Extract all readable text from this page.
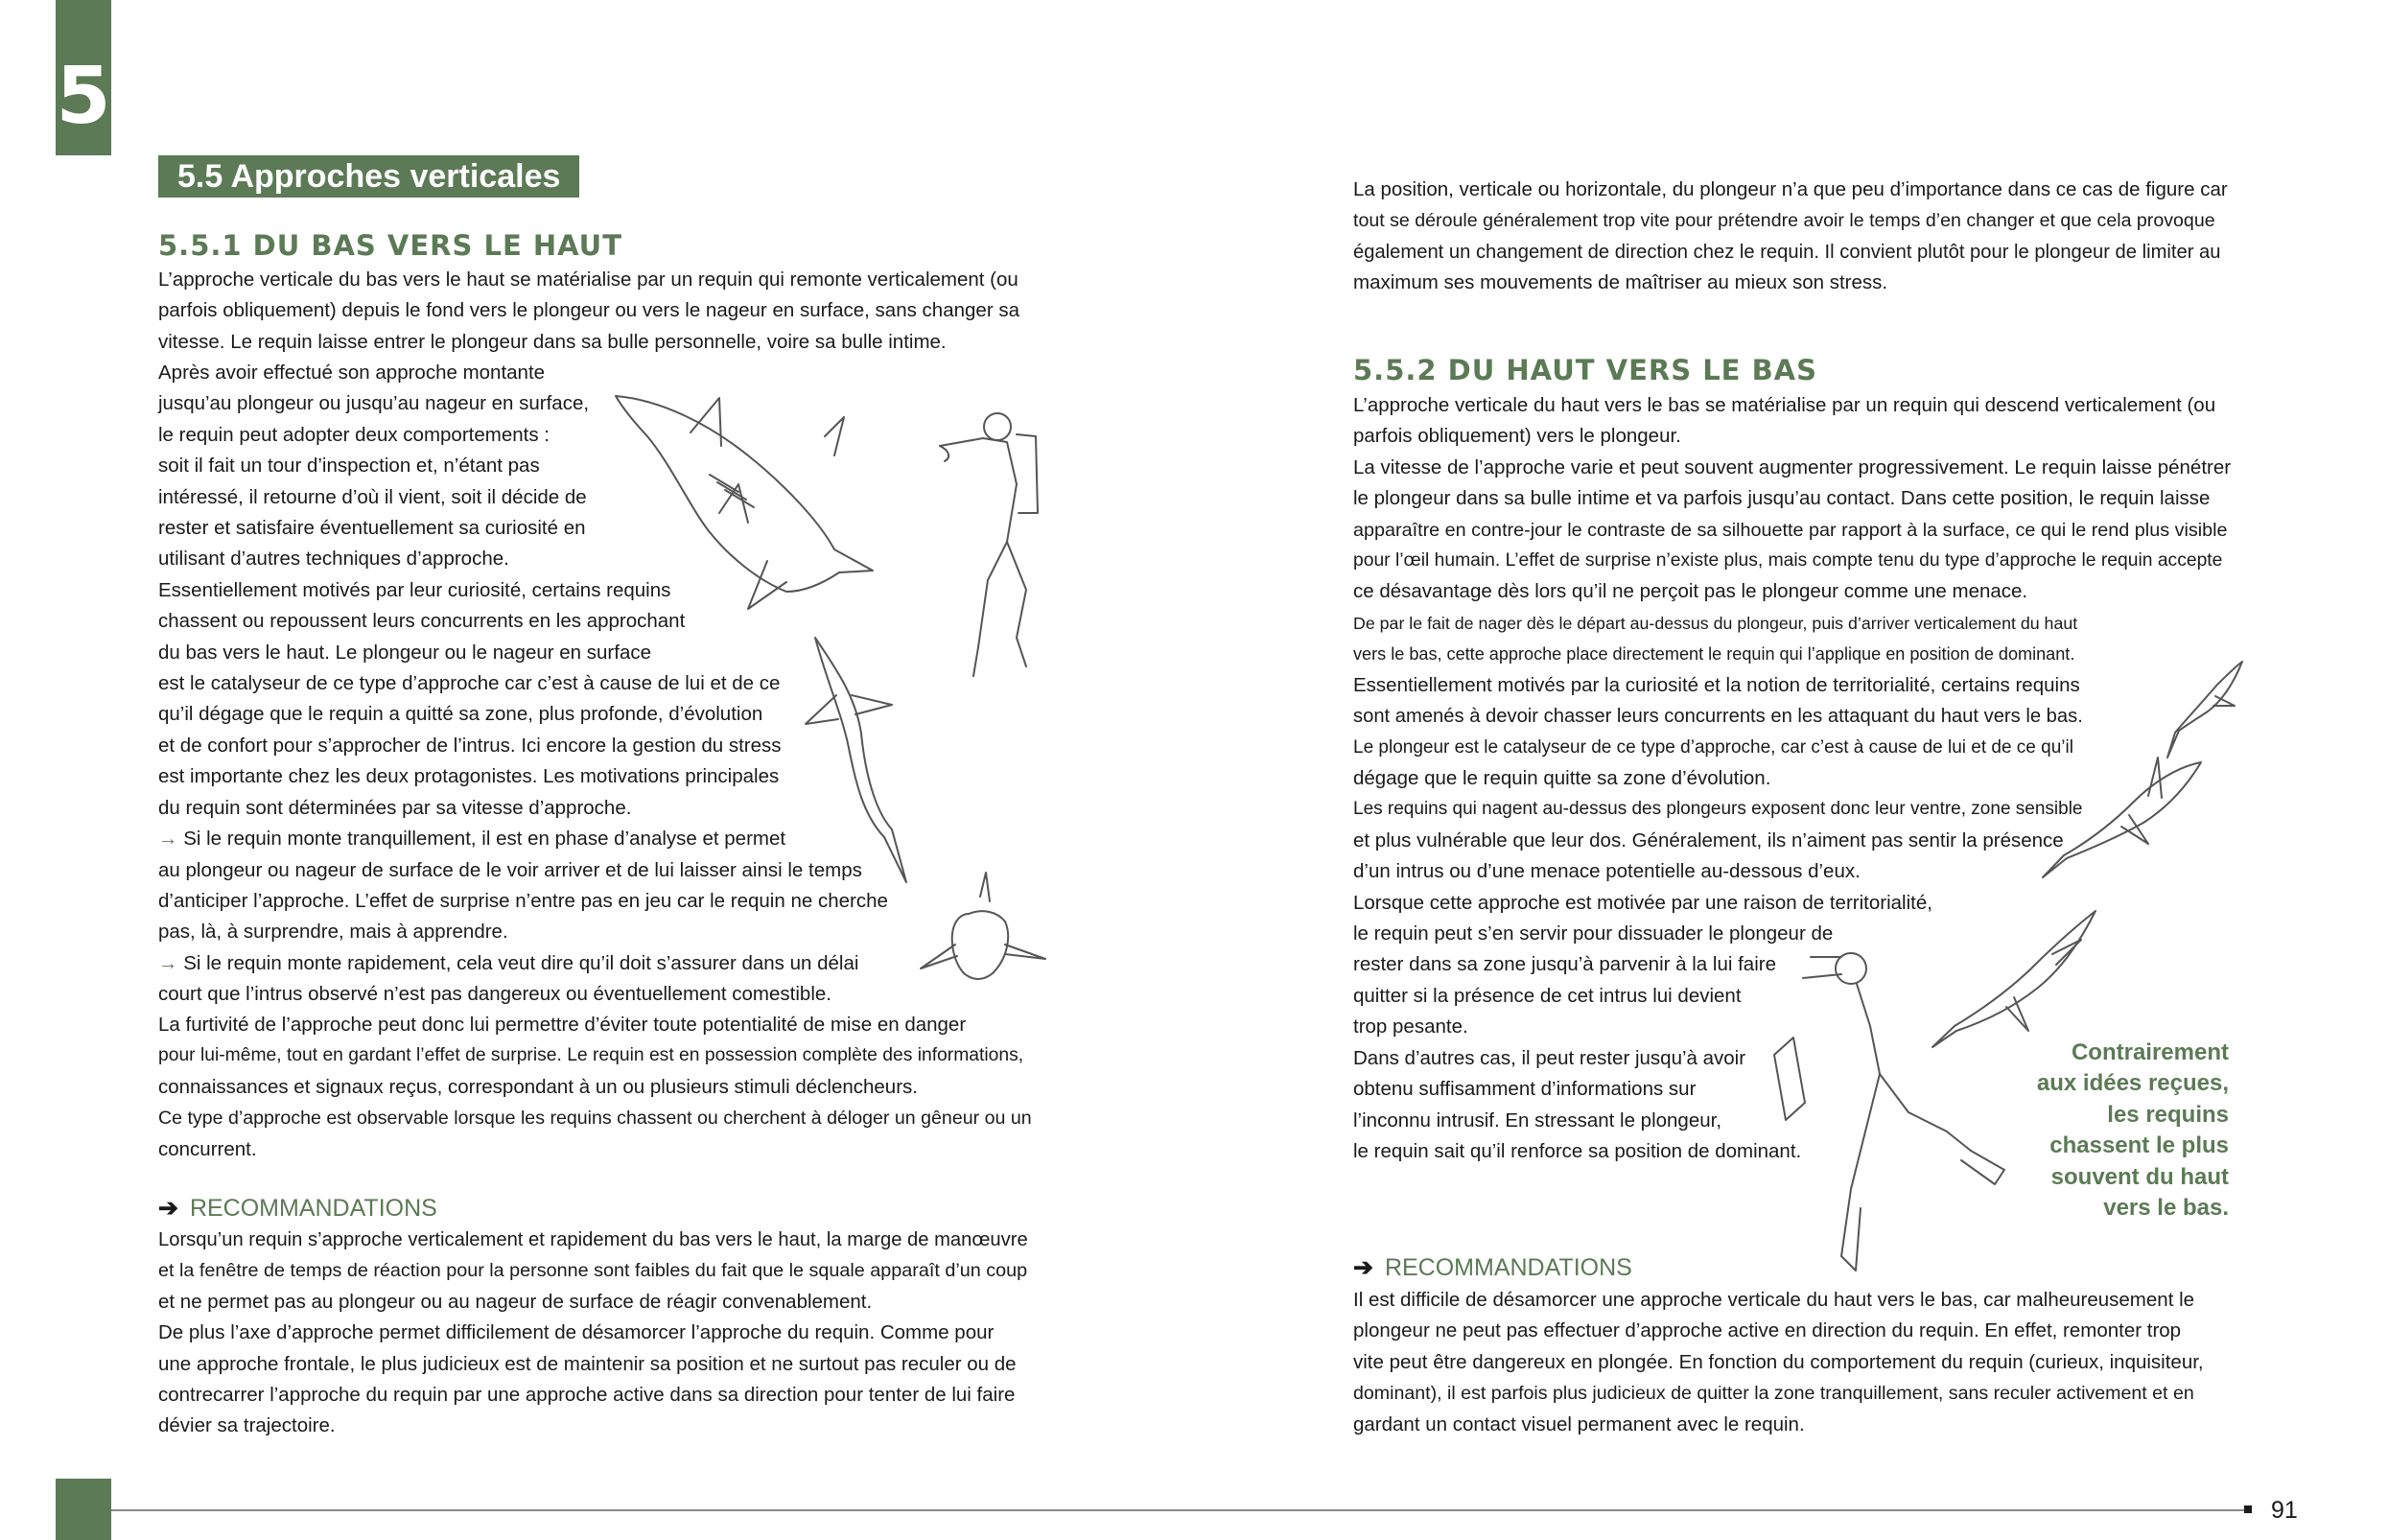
5
5.5 Approches verticales
5.5.1 DU BAS VERS LE HAUT
L’approche verticale du bas vers le haut se matérialise par un requin qui remonte verticalement (ou
parfois obliquement) depuis le fond vers le plongeur ou vers le nageur en surface, sans changer sa
vitesse. Le requin laisse entrer le plongeur dans sa bulle personnelle, voire sa bulle intime.
Après avoir effectué son approche montante
jusqu’au plongeur ou jusqu’au nageur en surface,
le requin peut adopter deux comportements :
soit il fait un tour d’inspection et, n’étant pas
intéressé, il retourne d’où il vient, soit il décide de
rester et satisfaire éventuellement sa curiosité en
utilisant d’autres techniques d’approche.
Essentiellement motivés par leur curiosité, certains requins
chassent ou repoussent leurs concurrents en les approchant
du bas vers le haut. Le plongeur ou le nageur en surface
est le catalyseur de ce type d’approche car c’est à cause de lui et de ce
qu’il dégage que le requin a quitté sa zone, plus profonde, d’évolution
et de confort pour s’approcher de l’intrus. Ici encore la gestion du stress
est importante chez les deux protagonistes. Les motivations principales
du requin sont déterminées par sa vitesse d’approche.
→ Si le requin monte tranquillement, il est en phase d’analyse et permet
au plongeur ou nageur de surface de le voir arriver et de lui laisser ainsi le temps
d’anticiper l’approche. L’effet de surprise n’entre pas en jeu car le requin ne cherche
pas, là, à surprendre, mais à apprendre.
→ Si le requin monte rapidement, cela veut dire qu’il doit s’assurer dans un délai
court que l’intrus observé n’est pas dangereux ou éventuellement comestible.
La furtivité de l’approche peut donc lui permettre d’éviter toute potentialité de mise en danger
pour lui-même, tout en gardant l’effet de surprise. Le requin est en possession complète des informations,
connaissances et signaux reçus, correspondant à un ou plusieurs stimuli déclencheurs.
Ce type d’approche est observable lorsque les requins chassent ou cherchent à déloger un gêneur ou un
concurrent.
➔ RECOMMANDATIONS
Lorsqu’un requin s’approche verticalement et rapidement du bas vers le haut, la marge de manœuvre
et la fenêtre de temps de réaction pour la personne sont faibles du fait que le squale apparaît d’un coup
et ne permet pas au plongeur ou au nageur de surface de réagir convenablement.
De plus l’axe d’approche permet difficilement de désamorcer l’approche du requin. Comme pour
une approche frontale, le plus judicieux est de maintenir sa position et ne surtout pas reculer ou de
contrecarrer l’approche du requin par une approche active dans sa direction pour tenter de lui faire
dévier sa trajectoire.
La position, verticale ou horizontale, du plongeur n’a que peu d’importance dans ce cas de figure car
tout se déroule généralement trop vite pour prétendre avoir le temps d’en changer et que cela provoque
également un changement de direction chez le requin. Il convient plutôt pour le plongeur de limiter au
maximum ses mouvements de maîtriser au mieux son stress.
5.5.2 DU HAUT VERS LE BAS
L’approche verticale du haut vers le bas se matérialise par un requin qui descend verticalement (ou
parfois obliquement) vers le plongeur.
La vitesse de l’approche varie et peut souvent augmenter progressivement. Le requin laisse pénétrer
le plongeur dans sa bulle intime et va parfois jusqu’au contact. Dans cette position, le requin laisse
apparaître en contre-jour le contraste de sa silhouette par rapport à la surface, ce qui le rend plus visible
pour l’œil humain. L’effet de surprise n’existe plus, mais compte tenu du type d’approche le requin accepte
ce désavantage dès lors qu’il ne perçoit pas le plongeur comme une menace.
De par le fait de nager dès le départ au-dessus du plongeur, puis d’arriver verticalement du haut
vers le bas, cette approche place directement le requin qui l’applique en position de dominant.
Essentiellement motivés par la curiosité et la notion de territorialité, certains requins
sont amenés à devoir chasser leurs concurrents en les attaquant du haut vers le bas.
Le plongeur est le catalyseur de ce type d’approche, car c’est à cause de lui et de ce qu’il
dégage que le requin quitte sa zone d’évolution.
Les requins qui nagent au-dessus des plongeurs exposent donc leur ventre, zone sensible
et plus vulnérable que leur dos. Généralement, ils n’aiment pas sentir la présence
d’un intrus ou d’une menace potentielle au-dessous d’eux.
Lorsque cette approche est motivée par une raison de territorialité,
le requin peut s’en servir pour dissuader le plongeur de
rester dans sa zone jusqu’à parvenir à la lui faire
quitter si la présence de cet intrus lui devient
trop pesante.
Dans d’autres cas, il peut rester jusqu’à avoir
obtenu suffisamment d’informations sur
l’inconnu intrusif. En stressant le plongeur,
le requin sait qu’il renforce sa position de dominant.
Contrairement
aux idées reçues,
les requins
chassent le plus
souvent du haut
vers le bas.
➔ RECOMMANDATIONS
Il est difficile de désamorcer une approche verticale du haut vers le bas, car malheureusement le
plongeur ne peut pas effectuer d’approche active en direction du requin. En effet, remonter trop
vite peut être dangereux en plongée. En fonction du comportement du requin (curieux, inquisiteur,
dominant), il est parfois plus judicieux de quitter la zone tranquillement, sans reculer activement et en
gardant un contact visuel permanent avec le requin.
91
